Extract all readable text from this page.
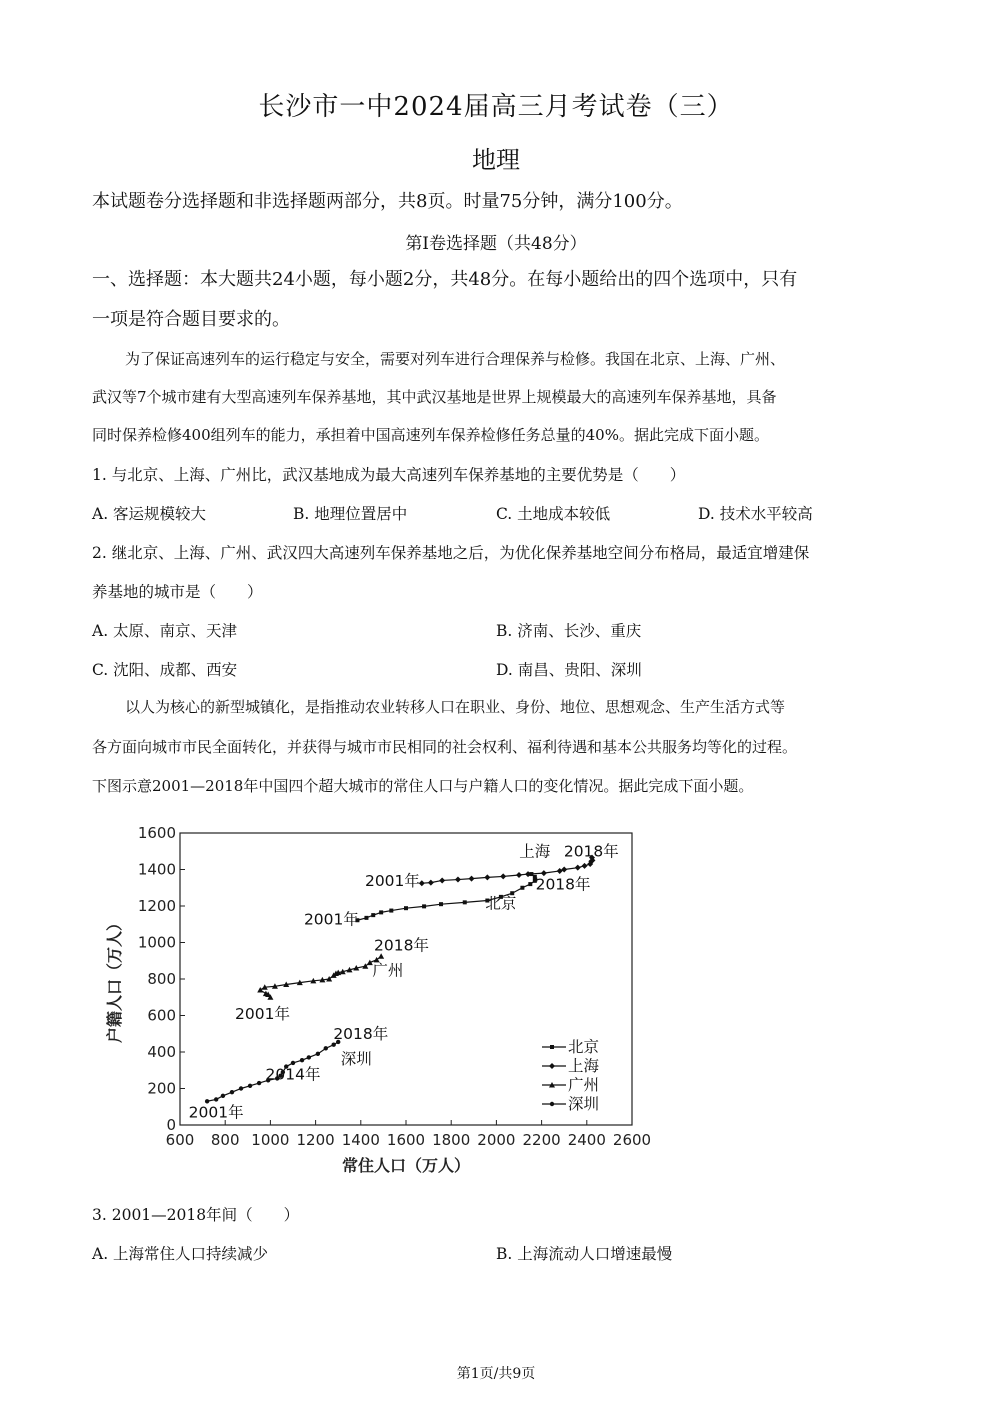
长沙市一中2024届高三月考试卷（三）
地理
本试题卷分选择题和非选择题两部分，共8页。时量75分钟，满分100分。
第Ⅰ卷选择题（共48分）
一、选择题：本大题共24小题，每小题2分，共48分。在每小题给出的四个选项中，只有
一项是符合题目要求的。
为了保证高速列车的运行稳定与安全，需要对列车进行合理保养与检修。我国在北京、上海、广州、
武汉等7个城市建有大型高速列车保养基地，其中武汉基地是世界上规模最大的高速列车保养基地，具备
同时保养检修400组列车的能力，承担着中国高速列车保养检修任务总量的40%。据此完成下面小题。
1. 与北京、上海、广州比，武汉基地成为最大高速列车保养基地的主要优势是（　　）
A. 客运规模较大	B. 地理位置居中	C. 土地成本较低	D. 技术水平较高
2. 继北京、上海、广州、武汉四大高速列车保养基地之后，为优化保养基地空间分布格局，最适宜增建保
养基地的城市是（　　）
A. 太原、南京、天津	B. 济南、长沙、重庆
C. 沈阳、成都、西安	D. 南昌、贵阳、深圳
以人为核心的新型城镇化，是指推动农业转移人口在职业、身份、地位、思想观念、生产生活方式等
各方面向城市市民全面转化，并获得与城市市民相同的社会权利、福利待遇和基本公共服务均等化的过程。
下图示意2001—2018年中国四个超大城市的常住人口与户籍人口的变化情况。据此完成下面小题。
600 800 1000 1200 1400 1600 1800 2000 2200 2400 2600
0
200
400
600
800
1000
1200
1400
1600
上海 2018年
2001年	2018年
2001年
北京
2018年
广州
2001年
2018年
深圳
2014年
2001年
北京
上海
广州
深圳
常住人口（万人）
户籍人口（万人）
3. 2001—2018年间（　　）
A. 上海常住人口持续减少	B. 上海流动人口增速最慢
第1页/共9页
